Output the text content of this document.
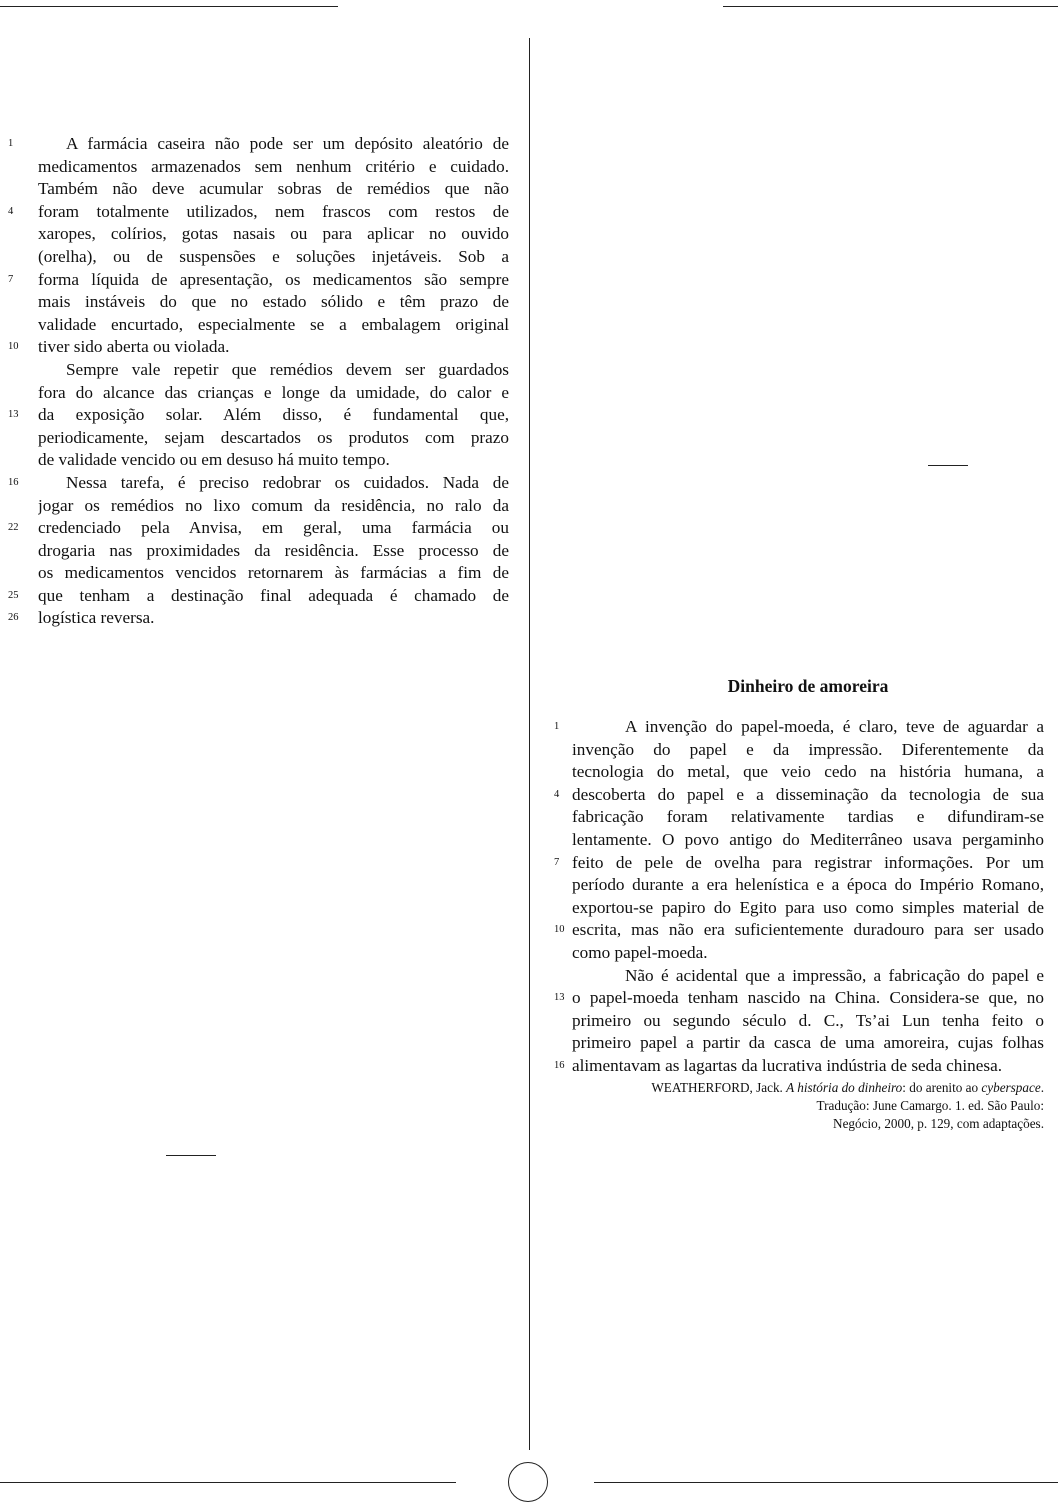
1	A farmácia caseira não pode ser um depósito aleatório de
medicamentos armazenados sem nenhum critério e cuidado.
Também não deve acumular sobras de remédios que não
4 foram totalmente utilizados, nem frascos com restos de
xaropes, colírios, gotas nasais ou para aplicar no ouvido
(orelha), ou de suspensões e soluções injetáveis. Sob a
7 forma líquida de apresentação, os medicamentos são sempre
mais instáveis do que no estado sólido e têm prazo de
validade encurtado, especialmente se a embalagem original
10 tiver sido aberta ou violada.
Sempre vale repetir que remédios devem ser guardados
fora do alcance das crianças e longe da umidade, do calor e
13 da exposição solar. Além disso, é fundamental que,
periodicamente, sejam descartados os produtos com prazo
de validade vencido ou em desuso há muito tempo.
16	Nessa tarefa, é preciso redobrar os cuidados. Nada de
jogar os remédios no lixo comum da residência, no ralo da
22 credenciado pela Anvisa, em geral, uma farmácia ou
drogaria nas proximidades da residência. Esse processo de
os medicamentos vencidos retornarem às farmácias a fim de
25 que tenham a destinação final adequada é chamado de
26 logística reversa.
Dinheiro de amoreira
1	A invenção do papel-moeda, é claro, teve de aguardar a
invenção do papel e da impressão. Diferentemente da
tecnologia do metal, que veio cedo na história humana, a
4 descoberta do papel e a disseminação da tecnologia de sua
fabricação foram relativamente tardias e difundiram-se
lentamente. O povo antigo do Mediterrâneo usava pergaminho
7 feito de pele de ovelha para registrar informações. Por um
período durante a era helenística e a época do Império Romano,
exportou-se papiro do Egito para uso como simples material de
10 escrita, mas não era suficientemente duradouro para ser usado
como papel-moeda.
Não é acidental que a impressão, a fabricação do papel e
13 o papel-moeda tenham nascido na China. Considera-se que, no
primeiro ou segundo século d. C., Ts’ai Lun tenha feito o
primeiro papel a partir da casca de uma amoreira, cujas folhas
16 alimentavam as lagartas da lucrativa indústria de seda chinesa.
WEATHERFORD, Jack. A história do dinheiro: do arenito ao cyberspace.
Tradução: June Camargo. 1. ed. São Paulo:
Negócio, 2000, p. 129, com adaptações.
